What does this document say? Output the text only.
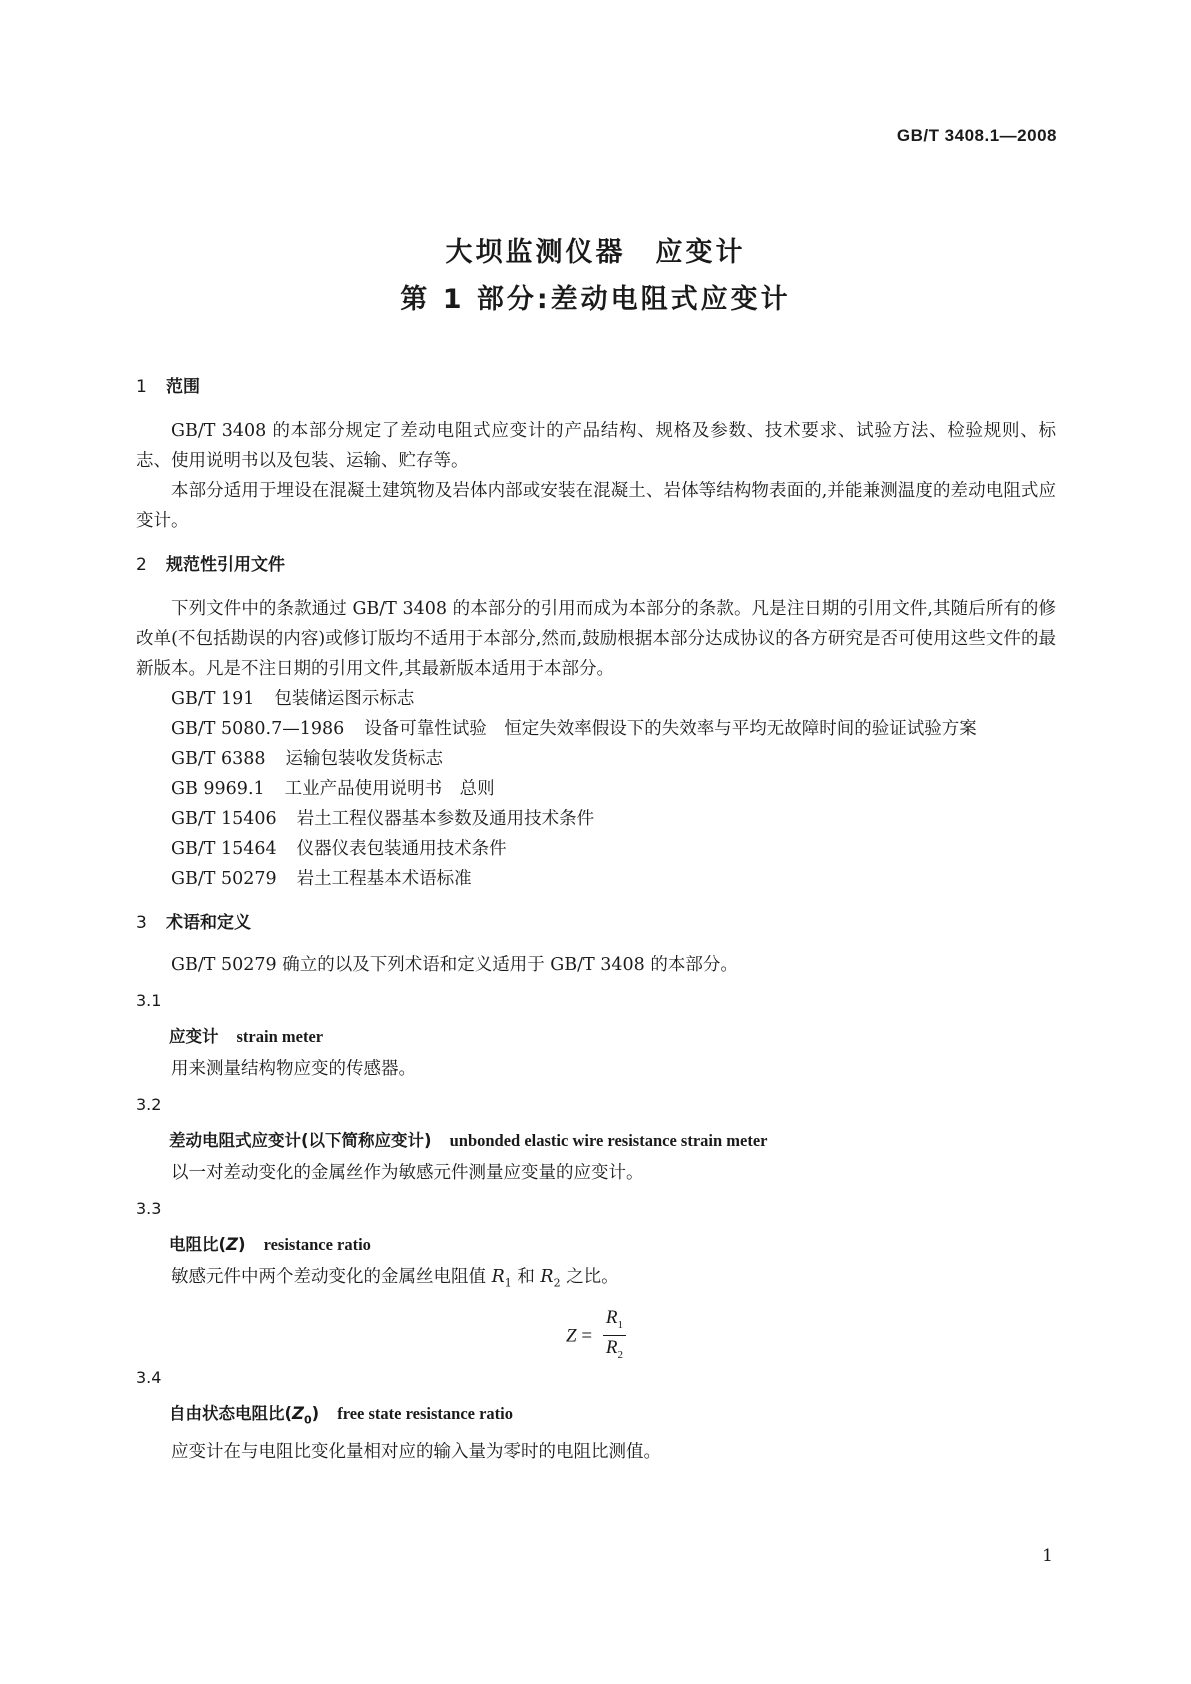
GB/T 3408.1—2008
大坝监测仪器　应变计
第 1 部分:差动电阻式应变计
1 范围

GB/T 3408 的本部分规定了差动电阻式应变计的产品结构、规格及参数、技术要求、试验方法、检验规则、标志、使用说明书以及包装、运输、贮存等。

本部分适用于埋设在混凝土建筑物及岩体内部或安装在混凝土、岩体等结构物表面的,并能兼测温度的差动电阻式应变计。

2 规范性引用文件

下列文件中的条款通过 GB/T 3408 的本部分的引用而成为本部分的条款。凡是注日期的引用文件,其随后所有的修改单(不包括勘误的内容)或修订版均不适用于本部分,然而,鼓励根据本部分达成协议的各方研究是否可使用这些文件的最新版本。凡是不注日期的引用文件,其最新版本适用于本部分。

GB/T 191 包装储运图示标志

GB/T 5080.7—1986 设备可靠性试验　恒定失效率假设下的失效率与平均无故障时间的验证试验方案

GB/T 6388 运输包装收发货标志

GB 9969.1 工业产品使用说明书　总则

GB/T 15406 岩土工程仪器基本参数及通用技术条件

GB/T 15464 仪器仪表包装通用技术条件

GB/T 50279 岩土工程基本术语标准

3 术语和定义

GB/T 50279 确立的以及下列术语和定义适用于 GB/T 3408 的本部分。

3.1
应变计 strain meter
用来测量结构物应变的传感器。
3.2
差动电阻式应变计(以下简称应变计) unbonded elastic wire resistance strain meter
以一对差动变化的金属丝作为敏感元件测量应变量的应变计。
3.3
电阻比(Z) resistance ratio
敏感元件中两个差动变化的金属丝电阻值 $R_1$ 和 $R_2$ 之比。
$Z = \frac{R_1}{R_2}$
3.4
自由状态电阻比$(Z_0)$ free state resistance ratio
应变计在与电阻比变化量相对应的输入量为零时的电阻比测值。
1
